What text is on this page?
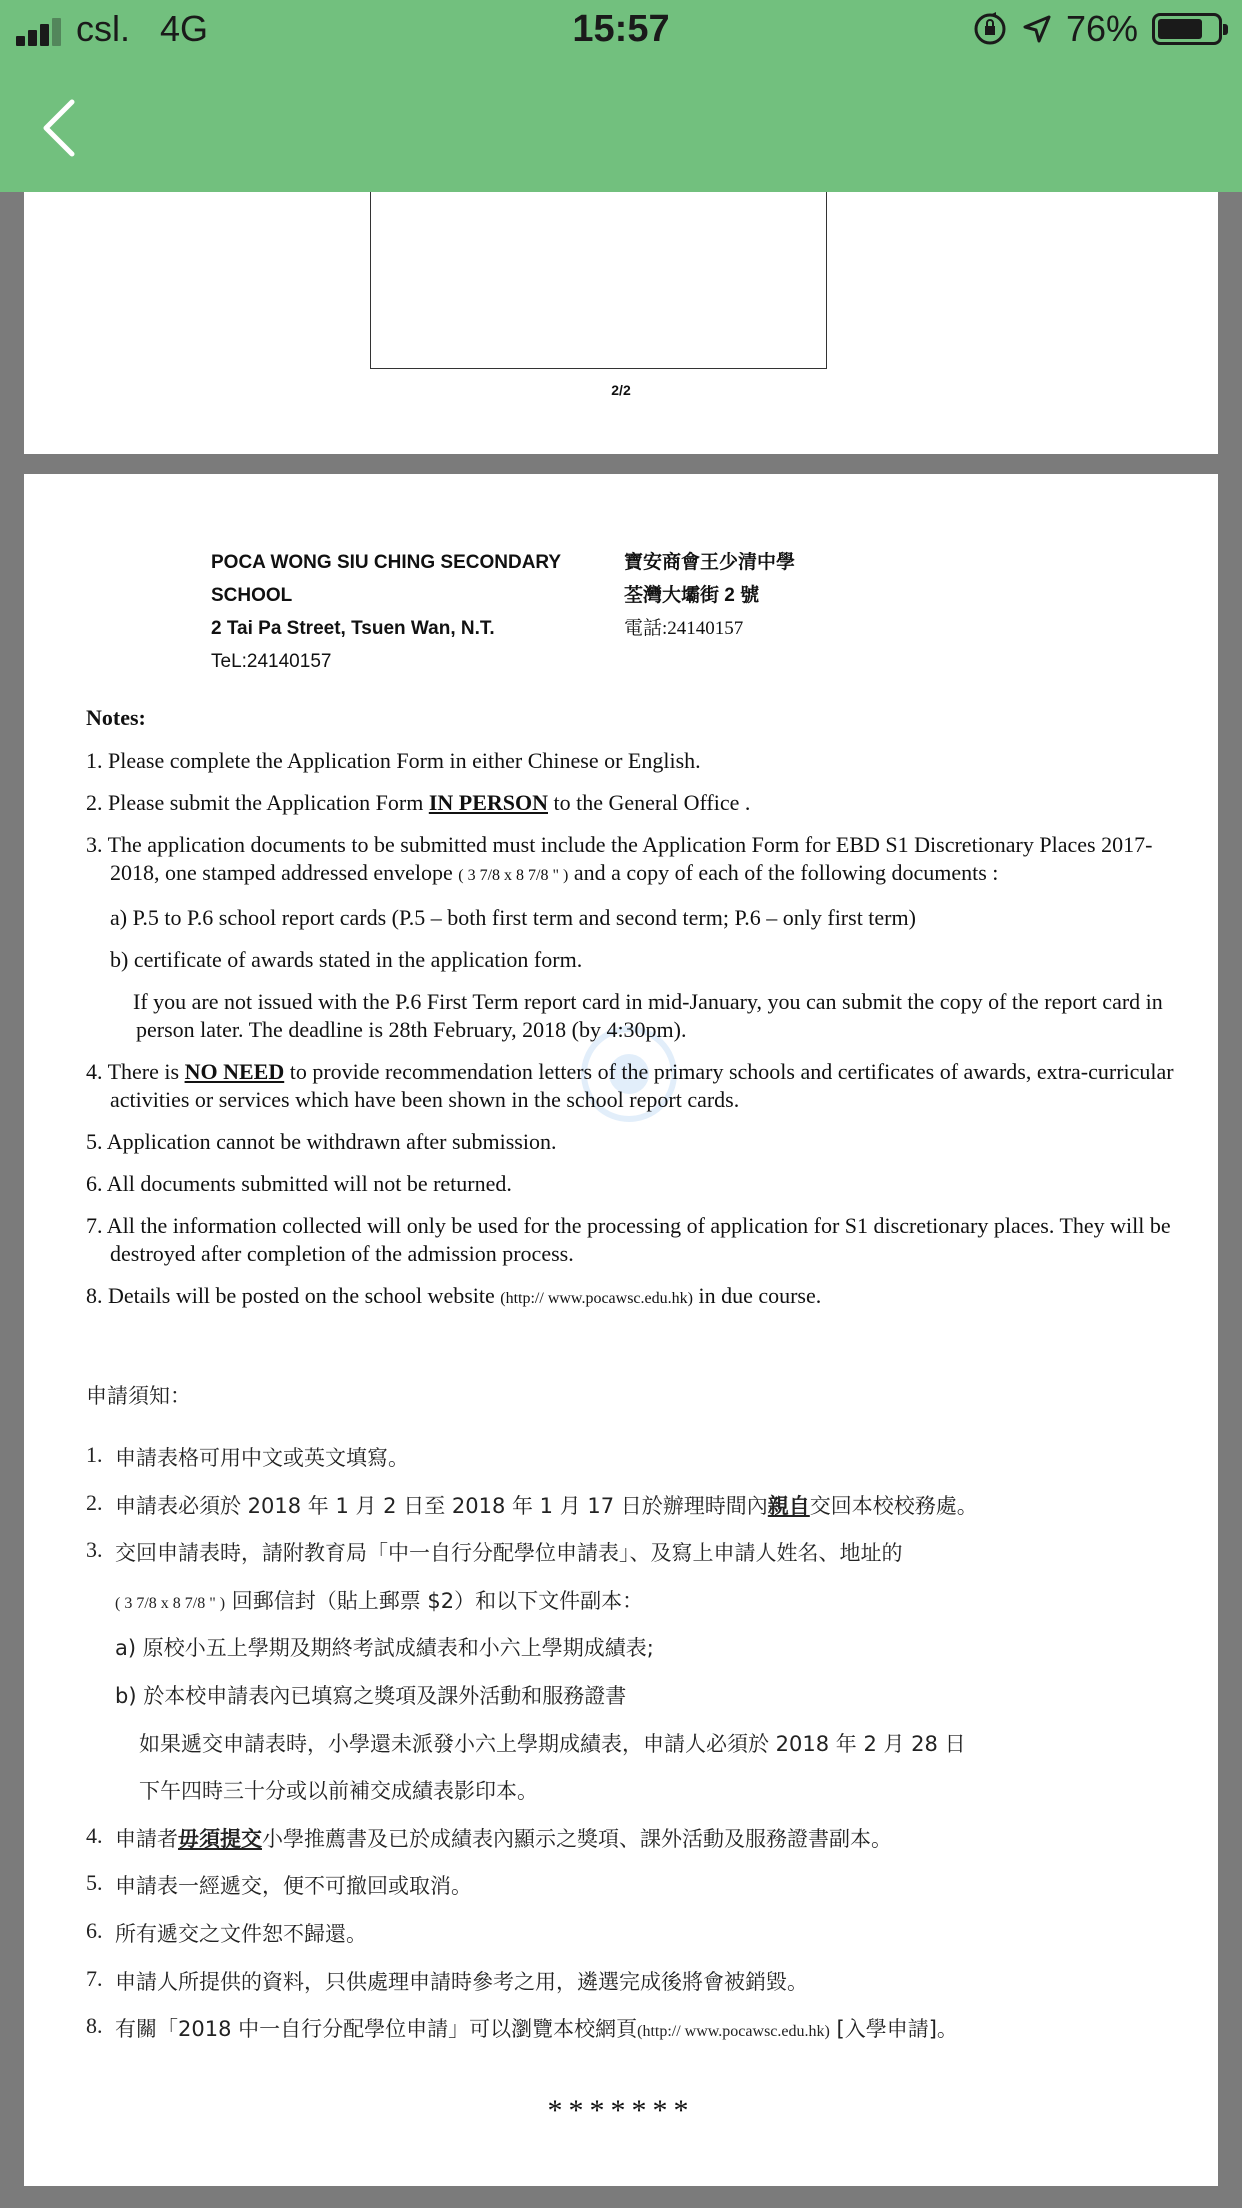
csl. 4G	15:57	76%
2/2
POCA WONG SIU CHING SECONDARY SCHOOL
2 Tai Pa Street, Tsuen Wan, N.T.
TeL:24140157
寶安商會王少清中學
荃灣大壩街 2 號
電話:24140157
Notes:
1. Please complete the Application Form in either Chinese or English.
2. Please submit the Application Form IN PERSON to the General Office .
3. The application documents to be submitted must include the Application Form for EBD S1 Discretionary Places 2017-2018, one stamped addressed envelope ( 3 7/8 x 8 7/8 " ) and a copy of each of the following documents :
a) P.5 to P.6 school report cards (P.5 – both first term and second term; P.6 – only first term)
b) certificate of awards stated in the application form.
If you are not issued with the P.6 First Term report card in mid-January, you can submit the copy of the report card in person later. The deadline is 28th February, 2018 (by 4:30pm).
4. There is NO NEED to provide recommendation letters of the primary schools and certificates of awards, extra-curricular activities or services which have been shown in the school report cards.
5. Application cannot be withdrawn after submission.
6. All documents submitted will not be returned.
7. All the information collected will only be used for the processing of application for S1 discretionary places. They will be destroyed after completion of the admission process.
8. Details will be posted on the school website (http:// www.pocawsc.edu.hk) in due course.
申請須知：
1. 申請表格可用中文或英文填寫。
2. 申請表必須於 2018 年 1 月 2 日至 2018 年 1 月 17 日於辦理時間內親自交回本校校務處。
3. 交回申請表時，請附教育局「中一自行分配學位申請表」、及寫上申請人姓名、地址的
( 3 7/8 x 8 7/8 " ) 回郵信封（貼上郵票 $2）和以下文件副本：
a) 原校小五上學期及期終考試成績表和小六上學期成績表;
b) 於本校申請表內已填寫之獎項及課外活動和服務證書
如果遞交申請表時，小學還未派發小六上學期成績表，申請人必須於 2018 年 2 月 28 日
下午四時三十分或以前補交成績表影印本。
4. 申請者毋須提交小學推薦書及已於成績表內顯示之獎項、課外活動及服務證書副本。
5. 申請表一經遞交，便不可撤回或取消。
6. 所有遞交之文件恕不歸還。
7. 申請人所提供的資料，只供處理申請時參考之用，遴選完成後將會被銷毀。
8. 有關「2018 中一自行分配學位申請」可以瀏覽本校網頁(http:// www.pocawsc.edu.hk) [入學申請]。
*******
